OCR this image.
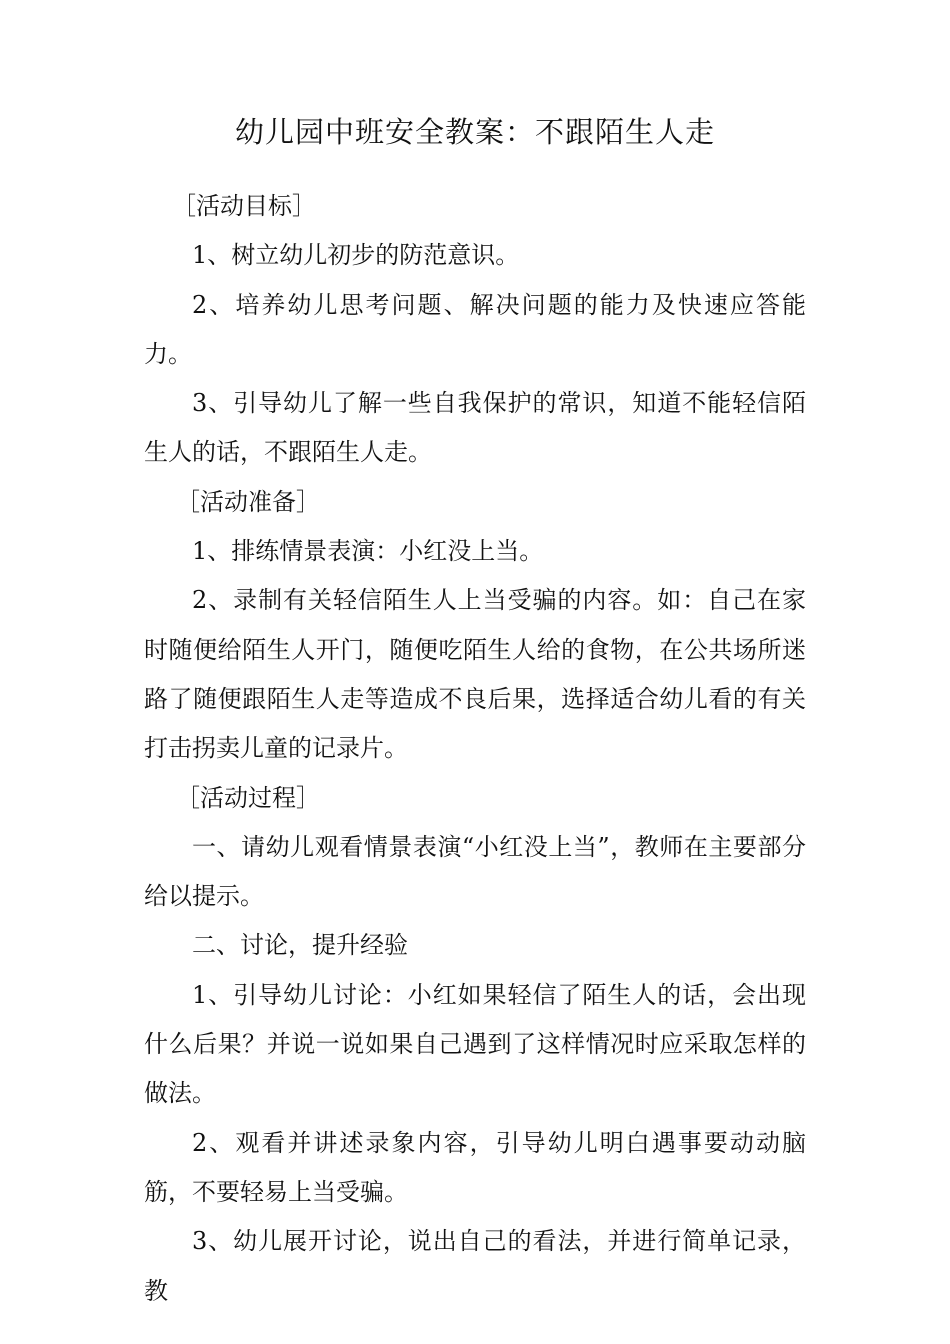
幼儿园中班安全教案：不跟陌生人走

［活动目标］

1、树立幼儿初步的防范意识。

2、培养幼儿思考问题、解决问题的能力及快速应答能力。

3、引导幼儿了解一些自我保护的常识，知道不能轻信陌生人的话，不跟陌生人走。

［活动准备］

1、排练情景表演：小红没上当。

2、录制有关轻信陌生人上当受骗的内容。如：自己在家时随便给陌生人开门，随便吃陌生人给的食物，在公共场所迷路了随便跟陌生人走等造成不良后果，选择适合幼儿看的有关打击拐卖儿童的记录片。

［活动过程］

一、请幼儿观看情景表演“小红没上当”，教师在主要部分给以提示。

二、讨论，提升经验

1、引导幼儿讨论：小红如果轻信了陌生人的话，会出现什么后果？并说一说如果自己遇到了这样情况时应采取怎样的做法。

2、观看并讲述录象内容，引导幼儿明白遇事要动动脑筋，不要轻易上当受骗。

3、幼儿展开讨论，说出自己的看法，并进行简单记录，教
